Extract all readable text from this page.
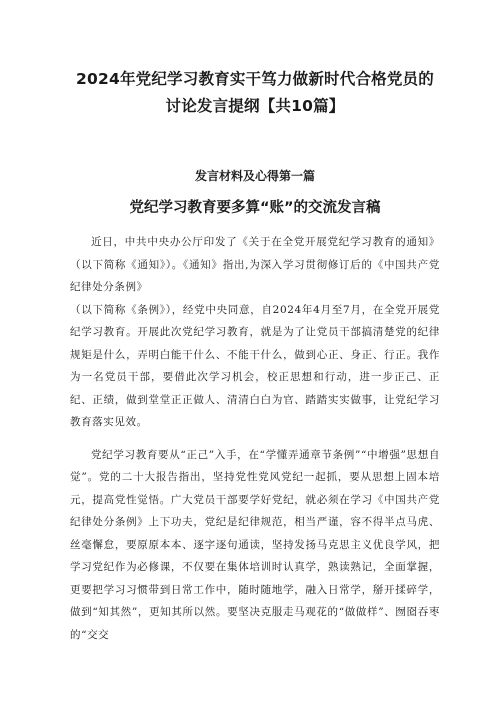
2024年党纪学习教育实干笃力做新时代合格党员的讨论发言提纲【共10篇】
发言材料及心得第一篇
党纪学习教育要多算“账”的交流发言稿

近日，中共中央办公厅印发了《关于在全党开展党纪学习教育的通知》（以下简称《通知》）。《通知》指出,为深入学习贯彻修订后的《中国共产党纪律处分条例》

（以下简称《条例》），经党中央同意，自2024年4月至7月，在全党开展党纪学习教育。开展此次党纪学习教育，就是为了让党员干部搞清楚党的纪律规矩是什么，弄明白能干什么、不能干什么，做到心正、身正、行正。我作为一名党员干部，要借此次学习机会，校正思想和行动，进一步正己、正纪、正绩，做到堂堂正正做人、清清白白为官、踏踏实实做事，让党纪学习教育落实见效。

党纪学习教育要从“正己”入手，在“学懂弄通章节条例”“中增强”思想自觉”。党的二十大报告指出，坚持党性党风党纪一起抓，要从思想上固本培元，提高党性觉悟。广大党员干部要学好党纪，就必须在学习《中国共产党纪律处分条例》上下功夫，党纪是纪律规范，相当严谨，容不得半点马虎、丝毫懈怠，要原原本本、逐字逐句通读，坚持发扬马克思主义优良学风，把学习党纪作为必修课，不仅要在集体培训时认真学，熟读熟记，全面掌握，更要把学习习惯带到日常工作中，随时随地学，融入日常学，掰开揉碎学，做到“知其然”，更知其所以然。要坚决克服走马观花的“做做样”、囫囵吞枣的“交交
